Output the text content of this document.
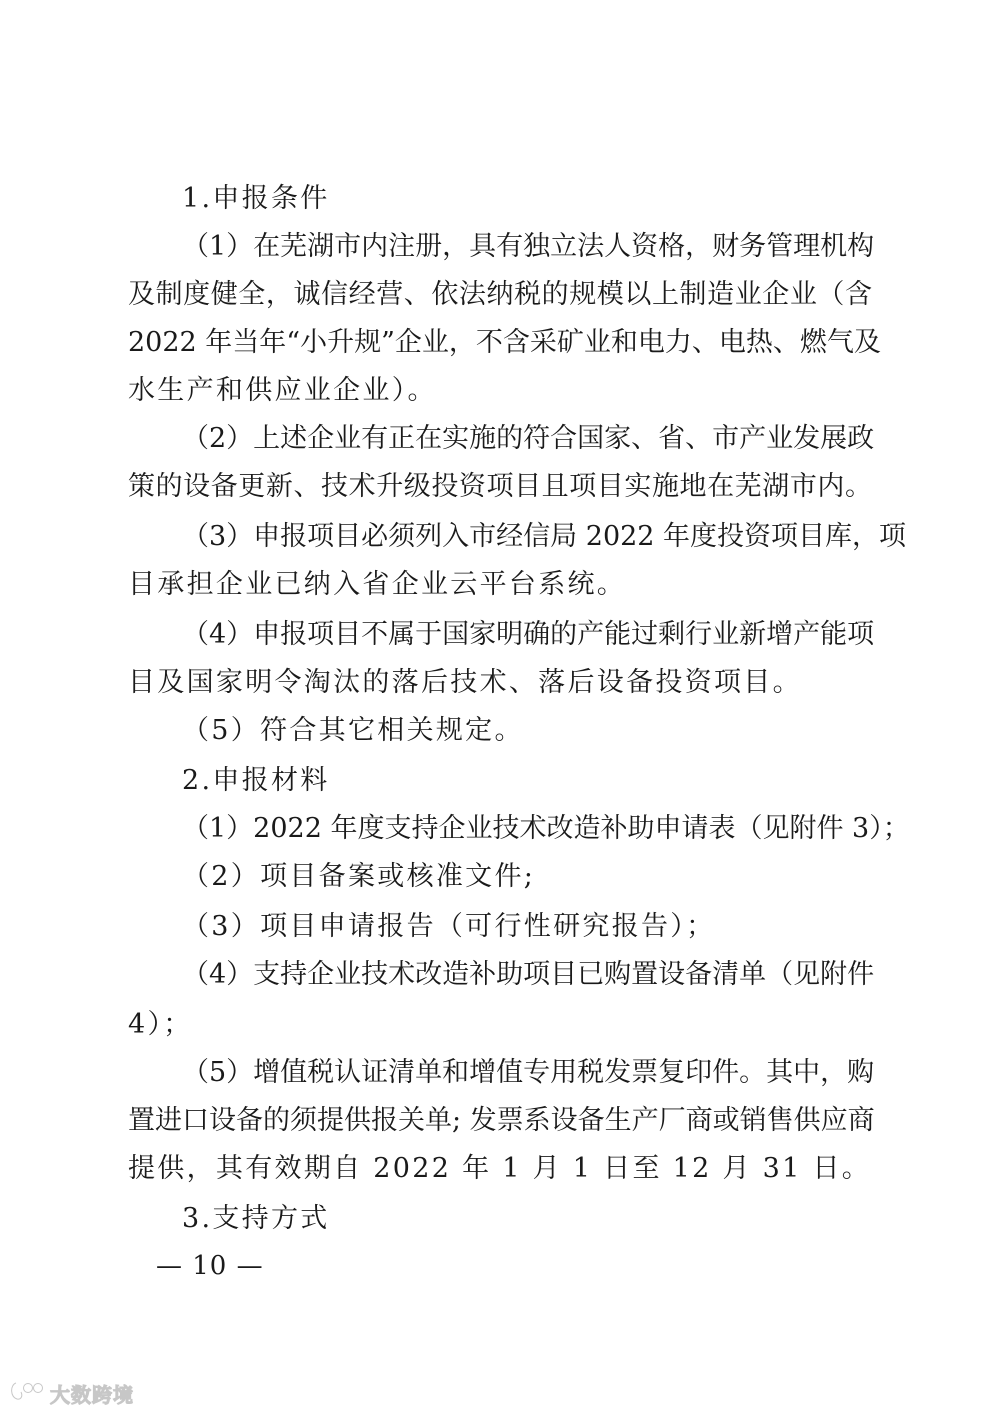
1.申报条件
（1）在芜湖市内注册，具有独立法人资格，财务管理机构
及制度健全，诚信经营、依法纳税的规模以上制造业企业（含
2022 年当年“小升规”企业，不含采矿业和电力、电热、燃气及
水生产和供应业企业）。
（2）上述企业有正在实施的符合国家、省、市产业发展政
策的设备更新、技术升级投资项目且项目实施地在芜湖市内。
（3）申报项目必须列入市经信局 2022 年度投资项目库，项
目承担企业已纳入省企业云平台系统。
（4）申报项目不属于国家明确的产能过剩行业新增产能项
目及国家明令淘汰的落后技术、落后设备投资项目。
（5）符合其它相关规定。
2.申报材料
（1）2022 年度支持企业技术改造补助申请表（见附件 3）；
（2）项目备案或核准文件;
（3）项目申请报告（可行性研究报告）；
（4）支持企业技术改造补助项目已购置设备清单（见附件
4）；
（5）增值税认证清单和增值专用税发票复印件。其中，购
置进口设备的须提供报关单; 发票系设备生产厂商或销售供应商
提供，其有效期自 2022 年 1 月 1 日至 12 月 31 日。
3.支持方式
— 10 —
大数跨境
